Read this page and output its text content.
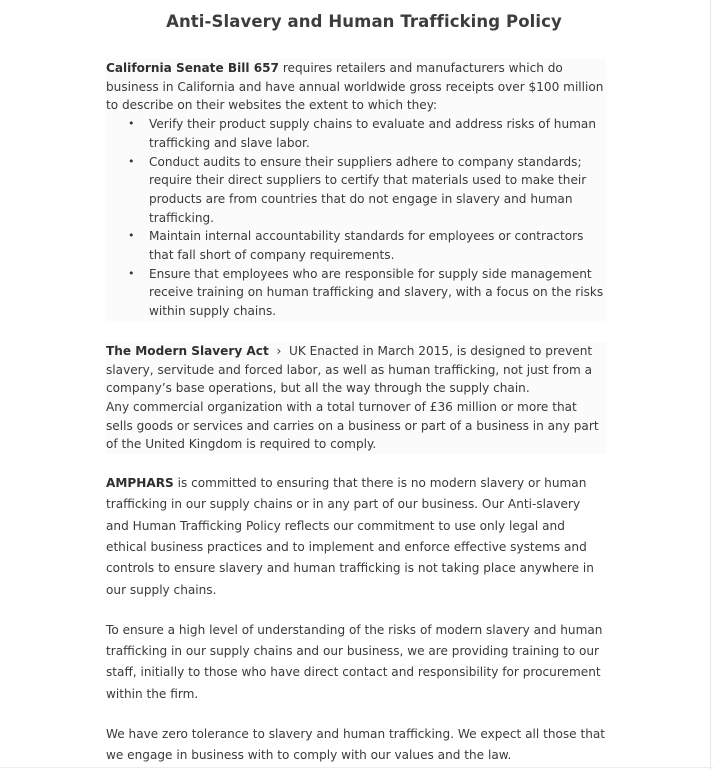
Anti-Slavery and Human Trafficking Policy

California Senate Bill 657 requires retailers and manufacturers which do business in California and have annual worldwide gross receipts over $100 million to describe on their websites the extent to which they:

• Verify their product supply chains to evaluate and address risks of human trafficking and slave labor.
• Conduct audits to ensure their suppliers adhere to company standards; require their direct suppliers to certify that materials used to make their products are from countries that do not engage in slavery and human trafficking.
• Maintain internal accountability standards for employees or contractors that fall short of company requirements.
• Ensure that employees who are responsible for supply side management receive training on human trafficking and slavery, with a focus on the risks within supply chains.

The Modern Slavery Act › UK Enacted in March 2015, is designed to prevent slavery, servitude and forced labor, as well as human trafficking, not just from a company’s base operations, but all the way through the supply chain.

Any commercial organization with a total turnover of £36 million or more that sells goods or services and carries on a business or part of a business in any part of the United Kingdom is required to comply.

AMPHARS is committed to ensuring that there is no modern slavery or human trafficking in our supply chains or in any part of our business. Our Anti-slavery and Human Trafficking Policy reflects our commitment to use only legal and ethical business practices and to implement and enforce effective systems and controls to ensure slavery and human trafficking is not taking place anywhere in our supply chains.

To ensure a high level of understanding of the risks of modern slavery and human trafficking in our supply chains and our business, we are providing training to our staff, initially to those who have direct contact and responsibility for procurement within the firm.

We have zero tolerance to slavery and human trafficking. We expect all those that we engage in business with to comply with our values and the law.
